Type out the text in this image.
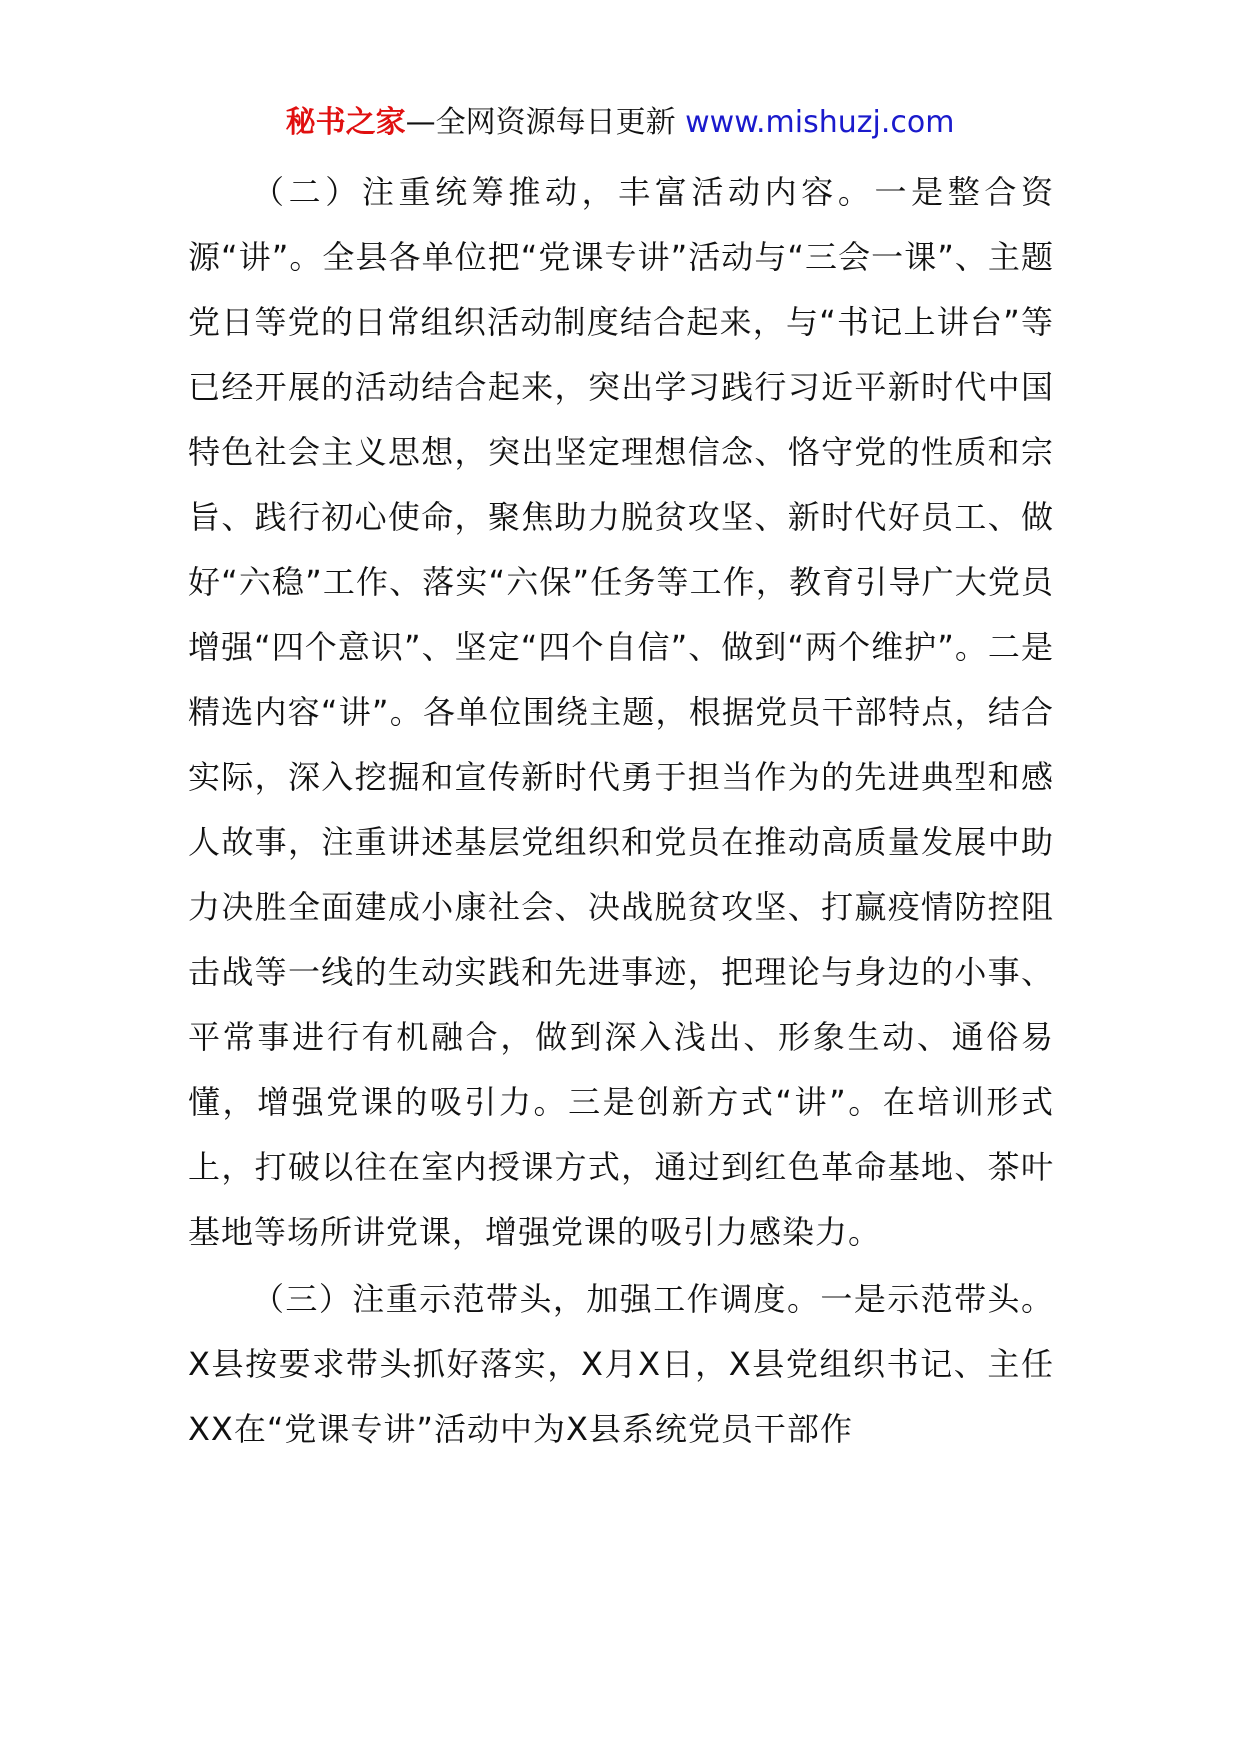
秘书之家—全网资源每日更新 www.mishuzj.com

（二）注重统筹推动，丰富活动内容。一是整合资源“讲”。全县各单位把“党课专讲”活动与“三会一课”、主题党日等党的日常组织活动制度结合起来，与“书记上讲台”等已经开展的活动结合起来，突出学习践行习近平新时代中国特色社会主义思想，突出坚定理想信念、恪守党的性质和宗旨、践行初心使命，聚焦助力脱贫攻坚、新时代好员工、做好“六稳”工作、落实“六保”任务等工作，教育引导广大党员增强“四个意识”、坚定“四个自信”、做到“两个维护”。二是精选内容“讲”。各单位围绕主题，根据党员干部特点，结合实际，深入挖掘和宣传新时代勇于担当作为的先进典型和感人故事，注重讲述基层党组织和党员在推动高质量发展中助力决胜全面建成小康社会、决战脱贫攻坚、打赢疫情防控阻击战等一线的生动实践和先进事迹，把理论与身边的小事、平常事进行有机融合，做到深入浅出、形象生动、通俗易懂，增强党课的吸引力。三是创新方式“讲”。在培训形式上，打破以往在室内授课方式，通过到红色革命基地、茶叶基地等场所讲党课，增强党课的吸引力感染力。

（三）注重示范带头，加强工作调度。一是示范带头。X县按要求带头抓好落实，X月X日，X县党组织书记、主任XX在“党课专讲”活动中为X县系统党员干部作
